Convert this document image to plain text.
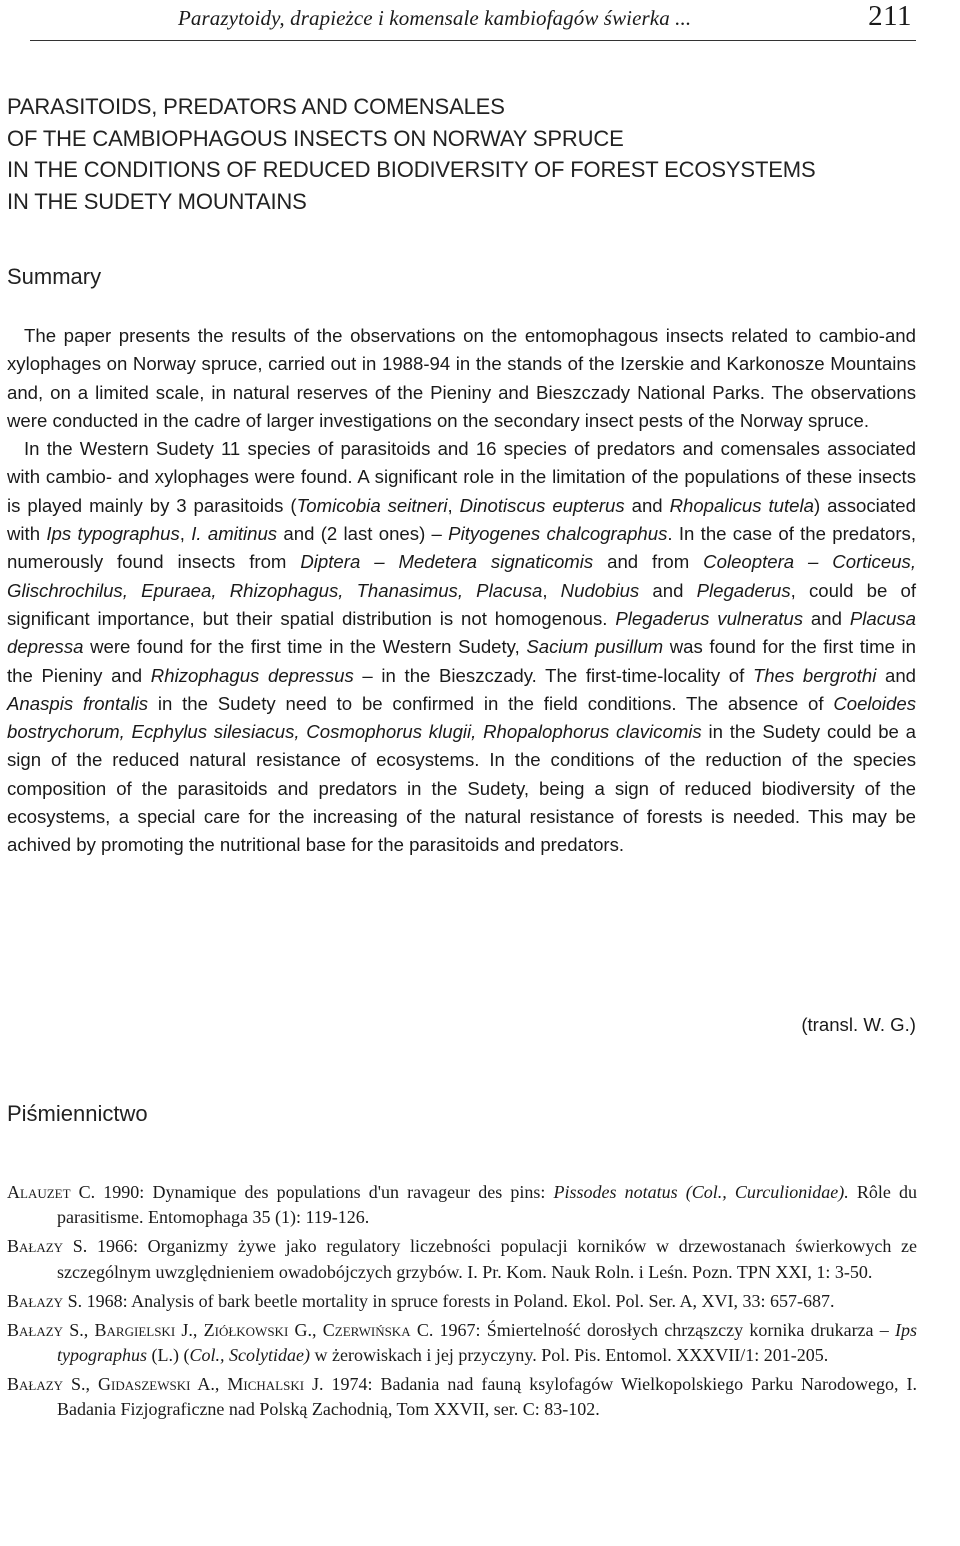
Parazytoidy, drapieżce i komensale kambiofagów świerka ...	211
PARASITOIDS, PREDATORS AND COMENSALES
OF THE CAMBIOPHAGOUS INSECTS ON NORWAY SPRUCE
IN THE CONDITIONS OF REDUCED BIODIVERSITY OF FOREST ECOSYSTEMS
IN THE SUDETY MOUNTAINS
Summary

The paper presents the results of the observations on the entomophagous insects related to cambio-and xylophages on Norway spruce, carried out in 1988-94 in the stands of the Izerskie and Karkonosze Mountains and, on a limited scale, in natural reserves of the Pieniny and Bieszczady National Parks. The observations were conducted in the cadre of larger investigations on the secondary insect pests of the Norway spruce.

In the Western Sudety 11 species of parasitoids and 16 species of predators and comensales associated with cambio- and xylophages were found. A significant role in the limitation of the populations of these insects is played mainly by 3 parasitoids (Tomicobia seitneri, Dinotiscus eupterus and Rhopalicus tutela) associated with Ips typographus, I. amitinus and (2 last ones) – Pityogenes chalcographus. In the case of the predators, numerously found insects from Diptera – Medetera signaticomis and from Coleoptera – Corticeus, Glischrochilus, Epuraea, Rhizophagus, Thanasimus, Placusa, Nudobius and Plegaderus, could be of significant importance, but their spatial distribution is not homogenous. Plegaderus vulneratus and Placusa depressa were found for the first time in the Western Sudety, Sacium pusillum was found for the first time in the Pieniny and Rhizophagus depressus – in the Bieszczady. The first-time-locality of Thes bergrothi and Anaspis frontalis in the Sudety need to be confirmed in the field conditions. The absence of Coeloides bostrychorum, Ecphylus silesiacus, Cosmophorus klugii, Rhopalophorus clavicomis in the Sudety could be a sign of the reduced natural resistance of ecosystems. In the conditions of the reduction of the species composition of the parasitoids and predators in the Sudety, being a sign of reduced biodiversity of the ecosystems, a special care for the increasing of the natural resistance of forests is needed. This may be achived by promoting the nutritional base for the parasitoids and predators.

(transl. W. G.)
Piśmiennictwo
Alauzet C. 1990: Dynamique des populations d'un ravageur des pins: Pissodes notatus (Col., Curculionidae). Rôle du parasitisme. Entomophaga 35 (1): 119-126.
Bałazy S. 1966: Organizmy żywe jako regulatory liczebności populacji korników w drzewostanach świerkowych ze szczególnym uwzględnieniem owadobójczych grzybów. I. Pr. Kom. Nauk Roln. i Leśn. Pozn. TPN XXI, 1: 3-50.
Bałazy S. 1968: Analysis of bark beetle mortality in spruce forests in Poland. Ekol. Pol. Ser. A, XVI, 33: 657-687.
Bałazy S., Bargielski J., Ziółkowski G., Czerwińska C. 1967: Śmiertelność dorosłych chrząszczy kornika drukarza – Ips typographus (L.) (Col., Scolytidae) w żerowiskach i jej przyczyny. Pol. Pis. Entomol. XXXVII/1: 201-205.
Bałazy S., Gidaszewski A., Michalski J. 1974: Badania nad fauną ksylofagów Wielkopolskiego Parku Narodowego, I. Badania Fizjograficzne nad Polską Zachodnią, Tom XXVII, ser. C: 83-102.
